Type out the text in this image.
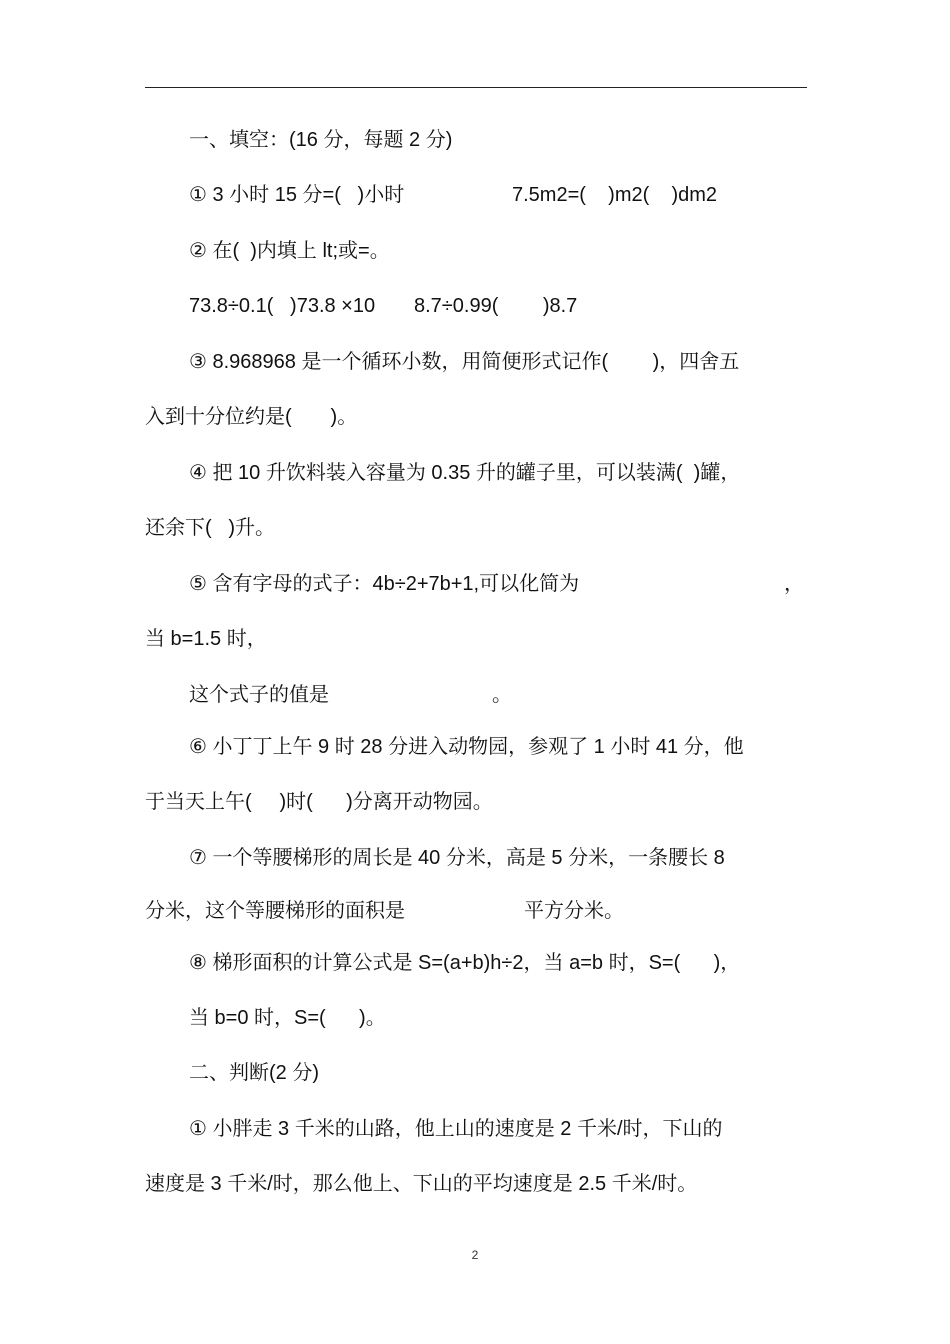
一、填空：(16 分，每题 2 分)
① 3 小时 15 分=(   )小时	7.5m2=(    )m2(    )dm2
② 在(  )内填上 lt;或=。
73.8÷0.1(   )73.8 ×10       8.7÷0.99(        )8.7
③ 8.968968 是一个循环小数，用简便形式记作(        )，四舍五
入到十分位约是(       )。
④ 把 10 升饮料装入容量为 0.35 升的罐子里，可以装满(  )罐，
还余下(   )升。
⑤ 含有字母的式子：4b÷2+7b+1,可以化简为	，
当 b=1.5 时，
这个式子的值是	。
⑥ 小丁丁上午 9 时 28 分进入动物园，参观了 1 小时 41 分，他
于当天上午(     )时(      )分离开动物园。
⑦ 一个等腰梯形的周长是 40 分米，高是 5 分米，一条腰长 8
分米，这个等腰梯形的面积是	平方分米。
⑧ 梯形面积的计算公式是 S=(a+b)h÷2，当 a=b 时，S=(      )，
当 b=0 时，S=(      )。
二、判断(2 分)
① 小胖走 3 千米的山路，他上山的速度是 2 千米/时，下山的
速度是 3 千米/时，那么他上、下山的平均速度是 2.5 千米/时。
2
